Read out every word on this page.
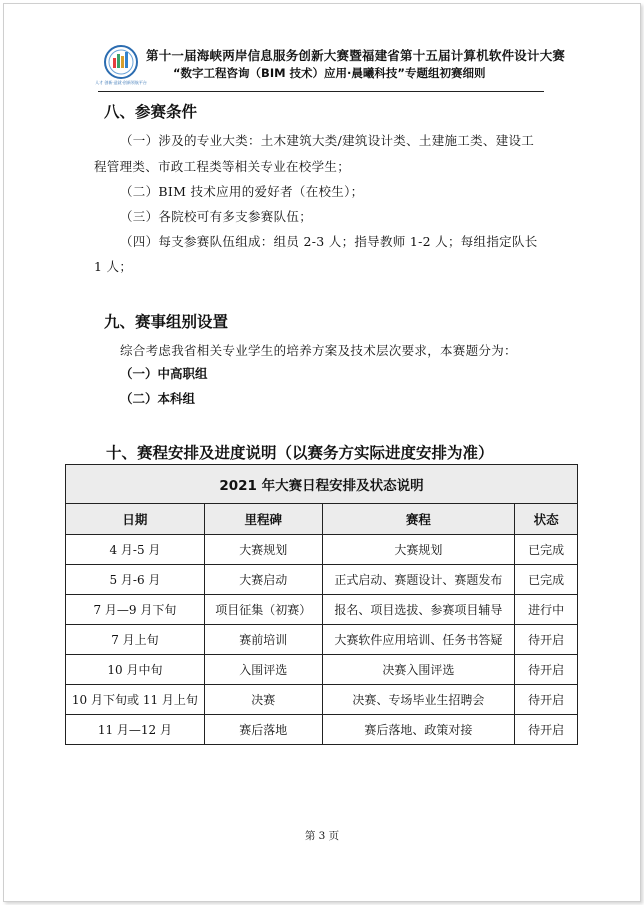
人才 创新·造就·创新领航平台
第十一届海峡两岸信息服务创新大赛暨福建省第十五届计算机软件设计大赛
“数字工程咨询（BIM 技术）应用·晨曦科技”专题组初赛细则
八、参赛条件
（一）涉及的专业大类：土木建筑大类/建筑设计类、土建施工类、建设工
程管理类、市政工程类等相关专业在校学生；
（二）BIM 技术应用的爱好者（在校生）；
（三）各院校可有多支参赛队伍；
（四）每支参赛队伍组成：组员 2-3 人；指导教师 1-2 人；每组指定队长
1 人；
九、赛事组别设置
综合考虑我省相关专业学生的培养方案及技术层次要求，本赛题分为：
（一）中高职组
（二）本科组
十、赛程安排及进度说明（以赛务方实际进度安排为准）
2021 年大赛日程安排及状态说明			
日期	里程碑	赛程	状态
4 月-5 月	大赛规划	大赛规划	已完成
5 月-6 月	大赛启动	正式启动、赛题设计、赛题发布	已完成
7 月—9 月下旬	项目征集（初赛）	报名、项目选拔、参赛项目辅导	进行中
7 月上旬	赛前培训	大赛软件应用培训、任务书答疑	待开启
10 月中旬	入围评选	决赛入围评选	待开启
10 月下旬或 11 月上旬	决赛	决赛、专场毕业生招聘会	待开启
11 月—12 月	赛后落地	赛后落地、政策对接	待开启
第 3 页
